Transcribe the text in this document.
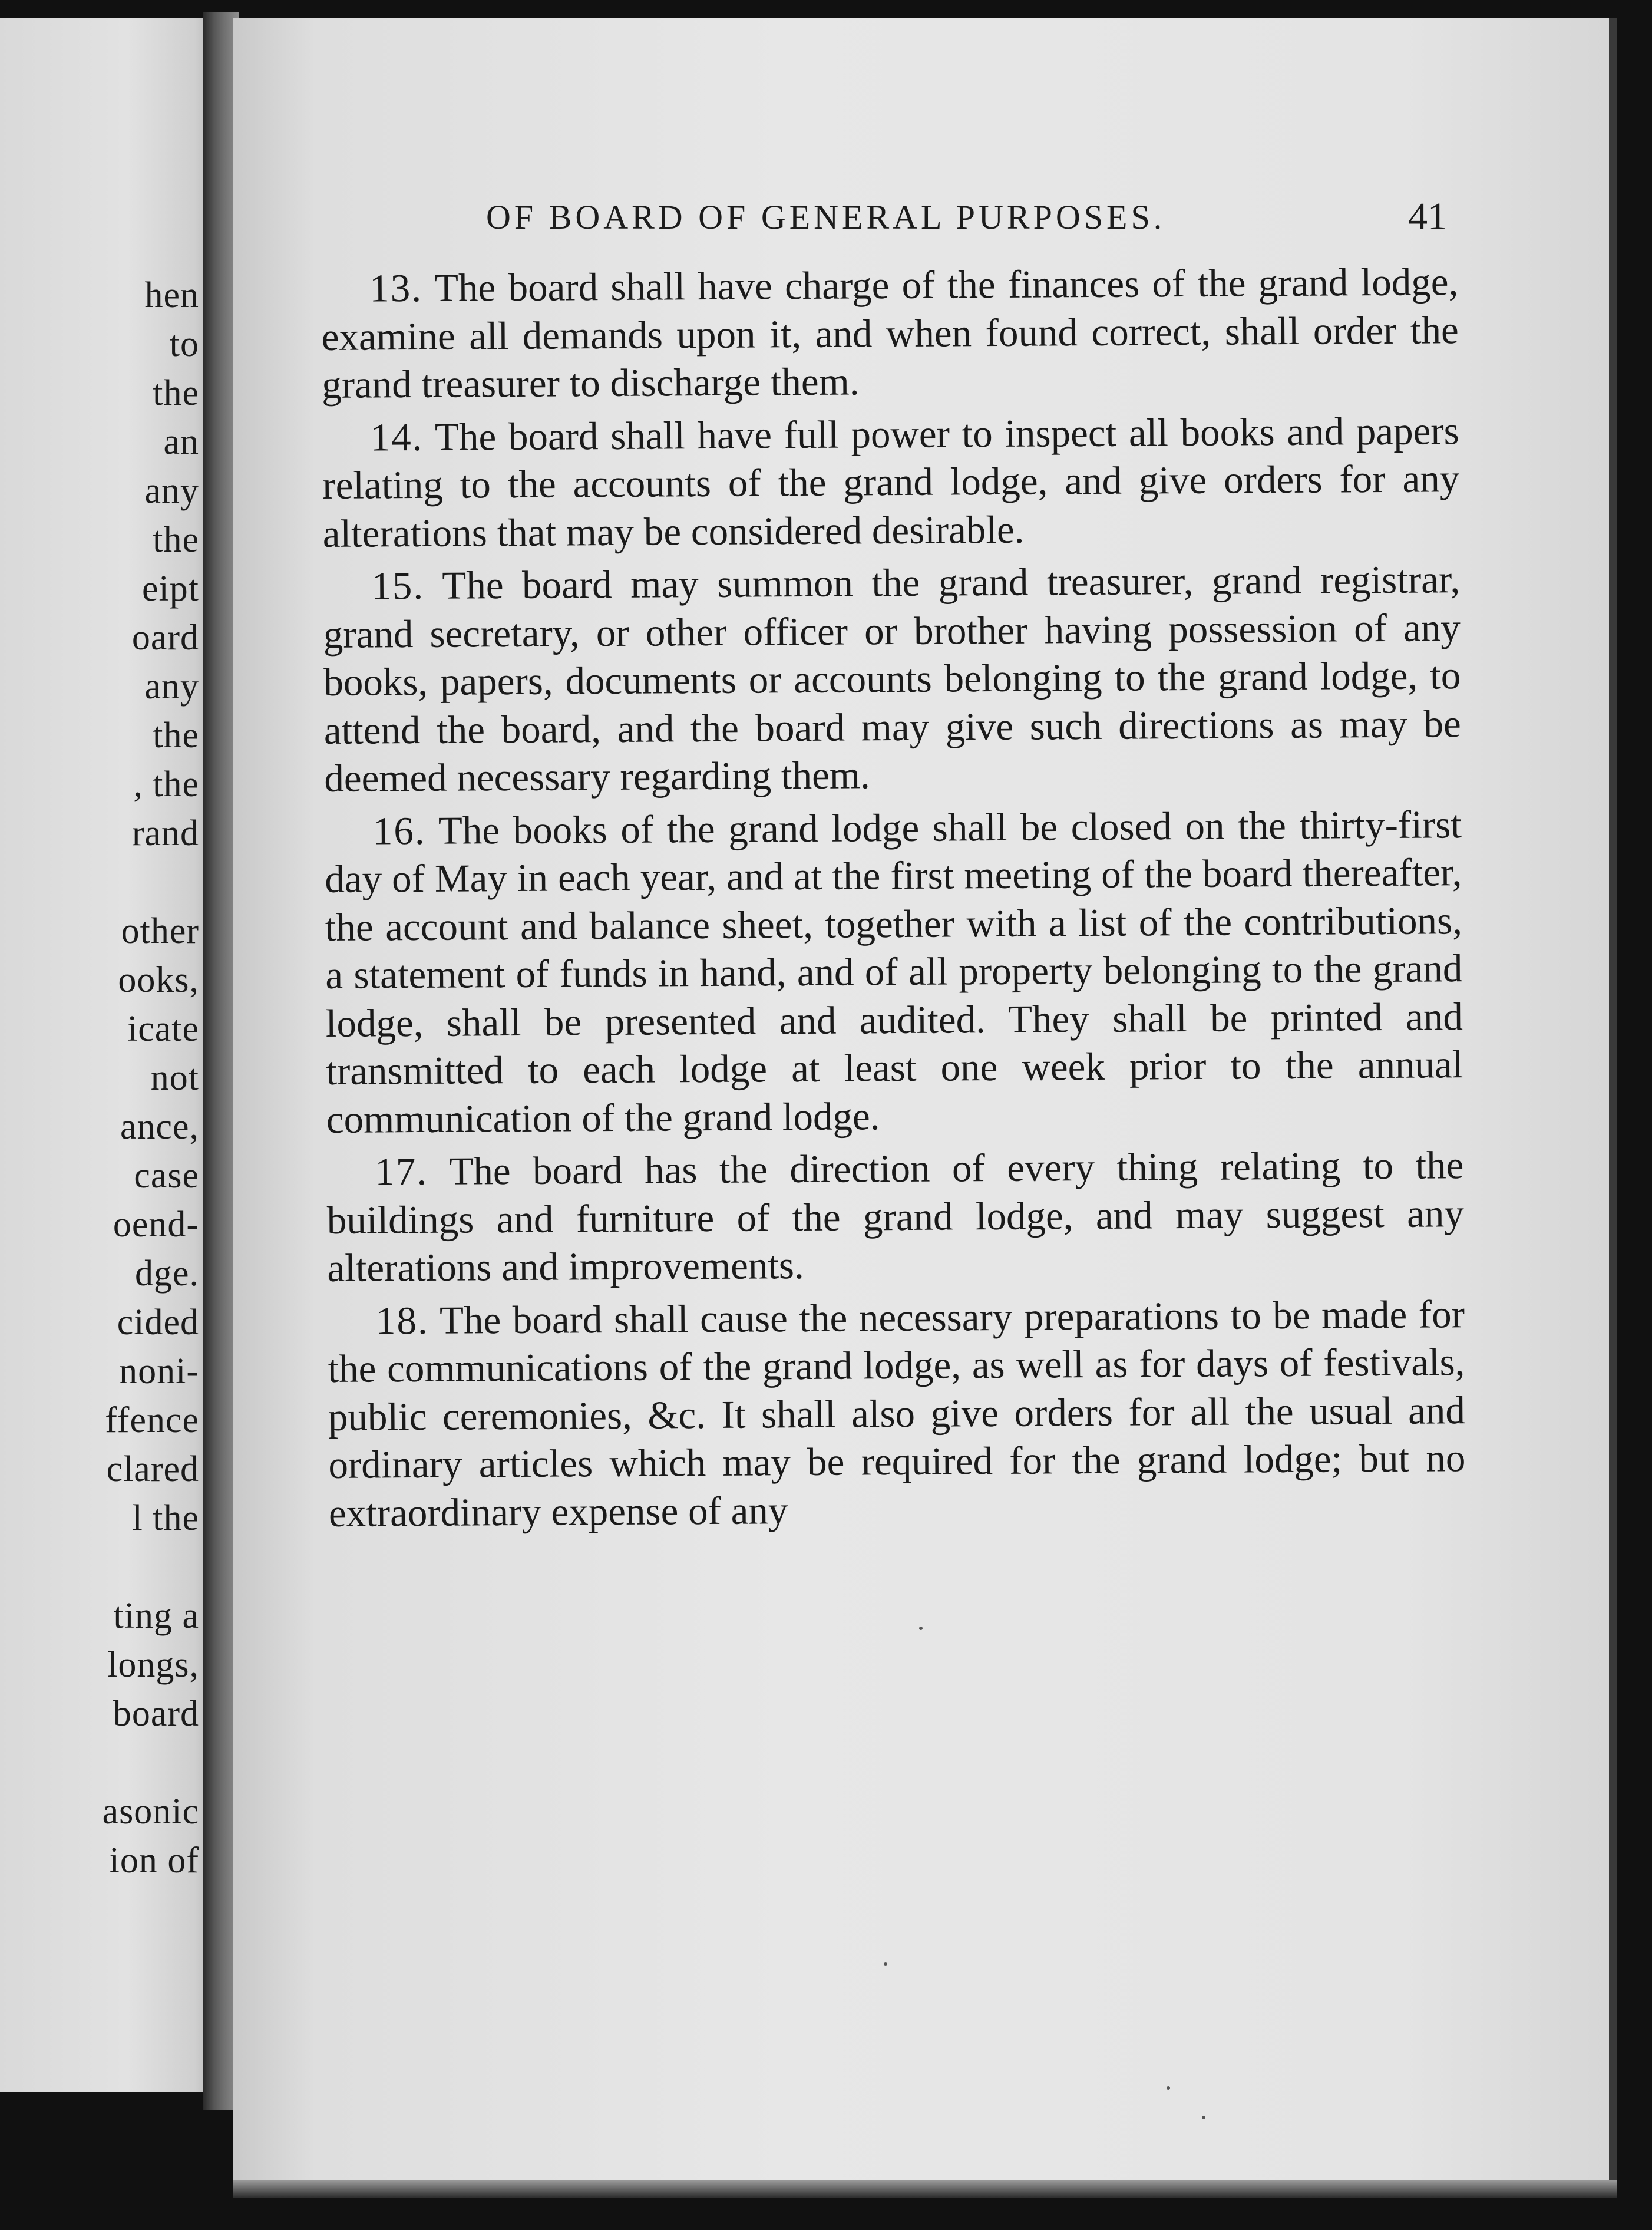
hen
to
the
an
any
the
eipt
oard
any
the
, the
rand
other
ooks,
icate
not
ance,
case
oend-
dge.
cided
noni-
ffence
clared
l the
ting a
longs,
board
asonic
ion of
OF BOARD OF GENERAL PURPOSES.	41

13. The board shall have charge of the finances of the grand lodge, examine all demands upon it, and when found correct, shall order the grand treasurer to discharge them.

14. The board shall have full power to inspect all books and papers relating to the accounts of the grand lodge, and give orders for any alterations that may be considered desirable.

15. The board may summon the grand treasurer, grand registrar, grand secretary, or other officer or brother having possession of any books, papers, documents or accounts belonging to the grand lodge, to attend the board, and the board may give such directions as may be deemed necessary regarding them.

16. The books of the grand lodge shall be closed on the thirty-first day of May in each year, and at the first meeting of the board thereafter, the account and balance sheet, together with a list of the contributions, a statement of funds in hand, and of all property belonging to the grand lodge, shall be presented and audited. They shall be printed and transmitted to each lodge at least one week prior to the annual communication of the grand lodge.

17. The board has the direction of every thing relating to the buildings and furniture of the grand lodge, and may suggest any alterations and improvements.

18. The board shall cause the necessary preparations to be made for the communications of the grand lodge, as well as for days of festivals, public ceremonies, &c. It shall also give orders for all the usual and ordinary articles which may be required for the grand lodge; but no extraordinary expense of any
